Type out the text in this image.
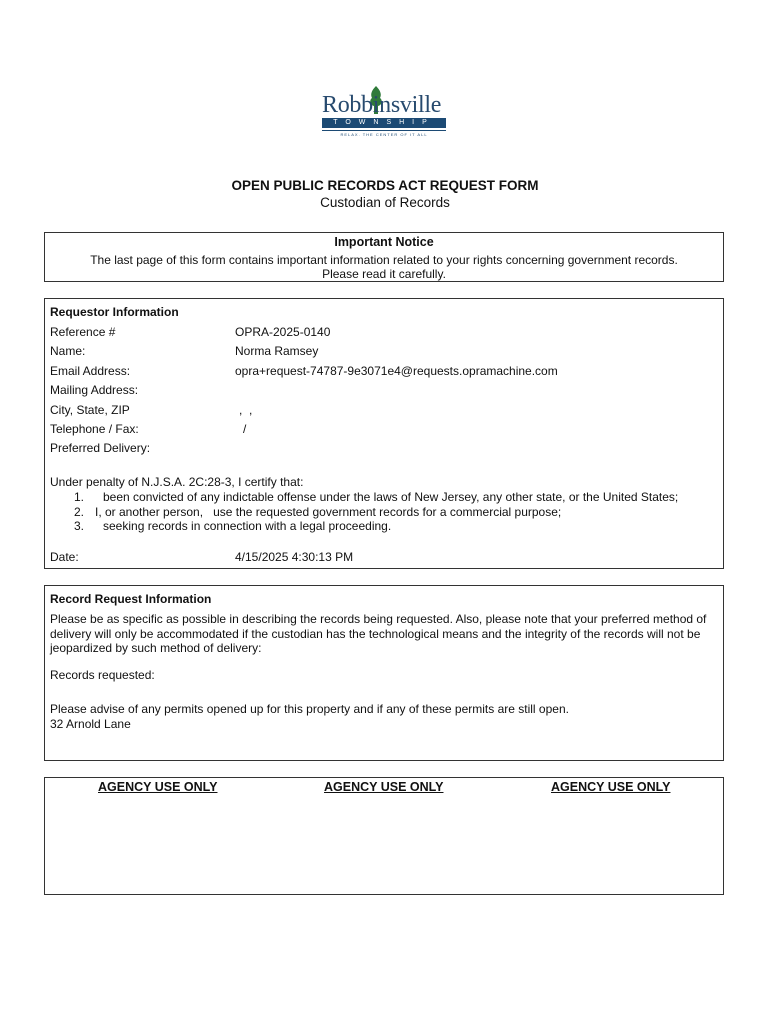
Robbinsville
TOWNSHIP
RELAX. THE CENTER OF IT ALL
OPEN PUBLIC RECORDS ACT REQUEST FORM
Custodian of Records
Important Notice
The last page of this form contains important information related to your rights concerning government records.
Please read it carefully.
Requestor Information
Reference #	OPRA-2025-0140
Name:	Norma Ramsey
Email Address:	opra+request-74787-9e3071e4@requests.opramachine.com
Mailing Address:
City, State, ZIP	,  ,
Telephone / Fax:	/
Preferred Delivery:
Under penalty of N.J.S.A. 2C:28-3, I certify that:
1. been convicted of any indictable offense under the laws of New Jersey, any other state, or the United States;
2. I, or another person,   use the requested government records for a commercial purpose;
3. seeking records in connection with a legal proceeding.
Date:	4/15/2025 4:30:13 PM
Record Request Information
Please be as specific as possible in describing the records being requested. Also, please note that your preferred method of delivery will only be accommodated if the custodian has the technological means and the integrity of the records will not be jeopardized by such method of delivery:
Records requested:
Please advise of any permits opened up for this property and if any of these permits are still open.
32 Arnold Lane
AGENCY USE ONLY	AGENCY USE ONLY	AGENCY USE ONLY
